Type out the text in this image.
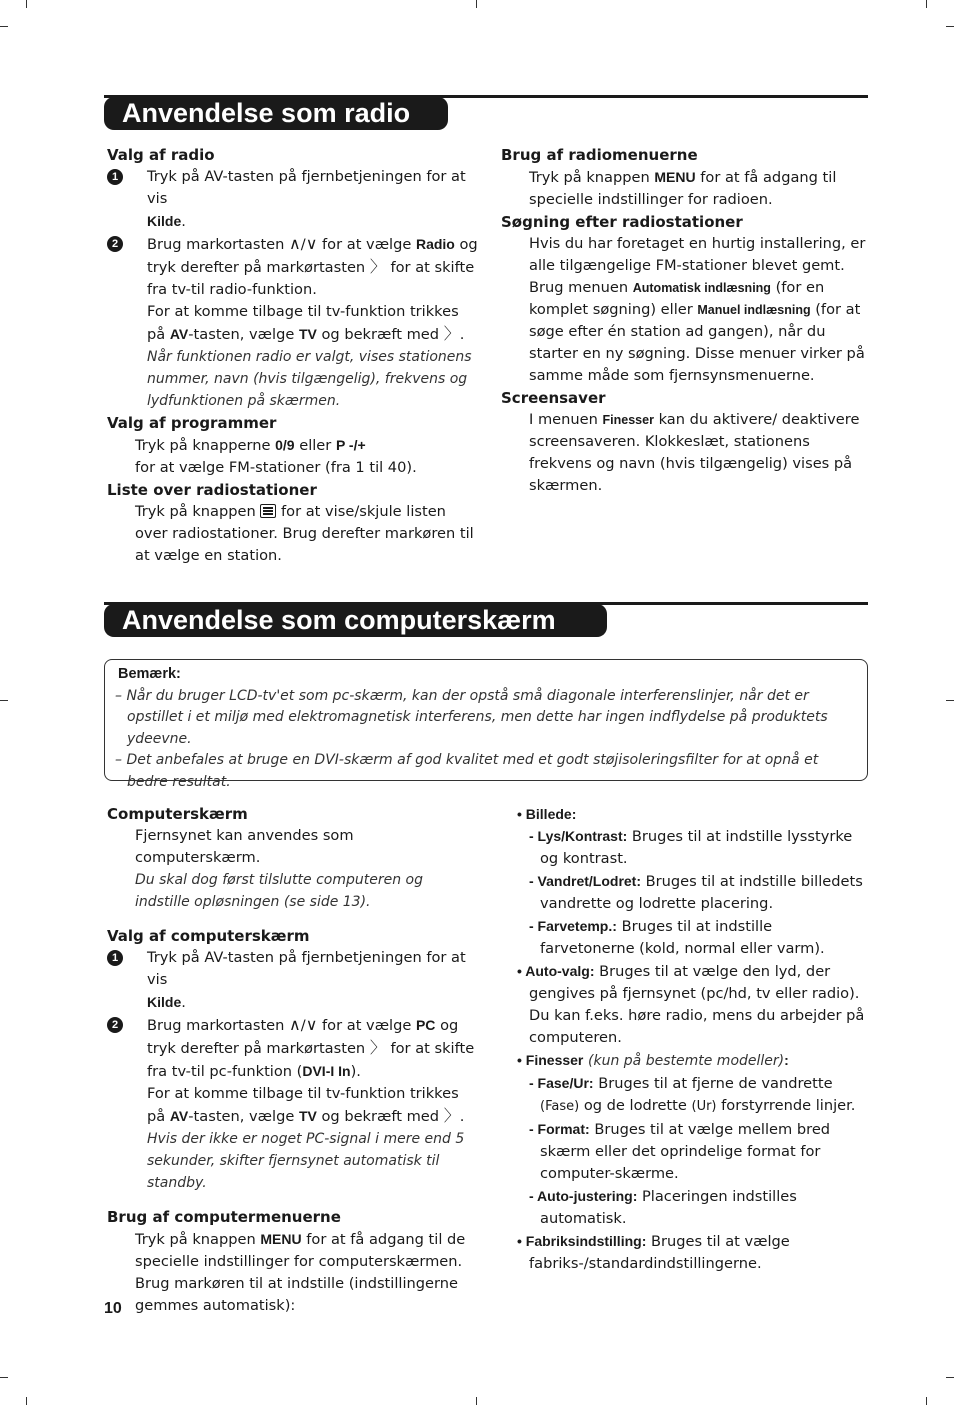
Anvendelse som radio
Valg af radio
1	Tryk på AV-tasten på fjernbetjeningen for at vis
Kilde.
2	Brug markortasten ∧/∨ for at vælge Radio og tryk derefter på markørtasten 〉 for at skifte fra tv-til radio-funktion.
For at komme tilbage til tv-funktion trikkes på AV-tasten, vælge TV og bekræft med 〉.
Når funktionen radio er valgt, vises stationens nummer, navn (hvis tilgængelig), frekvens og lydfunktionen på skærmen.
Valg af programmer
Tryk på knapperne 0/9 eller P -/+
for at vælge FM-stationer (fra 1 til 40).
Liste over radiostationer
Tryk på knappen for at vise/skjule listen over radiostationer. Brug derefter markøren til at vælge en station.
Brug af radiomenuerne
Tryk på knappen MENU for at få adgang til specielle indstillinger for radioen.
Søgning efter radiostationer
Hvis du har foretaget en hurtig installering, er alle tilgængelige FM-stationer blevet gemt. Brug menuen Automatisk indlæsning (for en komplet søgning) eller Manuel indlæsning (for at søge efter én station ad gangen), når du starter en ny søgning. Disse menuer virker på samme måde som fjernsynsmenuerne.
Screensaver
I menuen Finesser kan du aktivere/ deaktivere screensaveren. Klokkeslæt, stationens frekvens og navn (hvis tilgængelig) vises på skærmen.
Anvendelse som computerskærm
Bemærk:
– Når du bruger LCD-tv'et som pc-skærm, kan der opstå små diagonale interferenslinjer, når det er opstillet i et miljø med elektromagnetisk interferens, men dette har ingen indflydelse på produktets ydeevne.
– Det anbefales at bruge en DVI-skærm af god kvalitet med et godt støjisoleringsfilter for at opnå et bedre resultat.
Computerskærm
Fjernsynet kan anvendes som computerskærm.
Du skal dog først tilslutte computeren og indstille opløsningen (se side 13).
Valg af computerskærm
1	Tryk på AV-tasten på fjernbetjeningen for at vis
Kilde.
2	Brug markortasten ∧/∨ for at vælge PC og tryk derefter på markørtasten 〉 for at skifte fra tv-til pc-funktion (DVI-I In).
For at komme tilbage til tv-funktion trikkes på AV-tasten, vælge TV og bekræft med 〉.
Hvis der ikke er noget PC-signal i mere end 5 sekunder, skifter fjernsynet automatisk til standby.
Brug af computermenuerne
Tryk på knappen MENU for at få adgang til de specielle indstillinger for computerskærmen. Brug markøren til at indstille (indstillingerne gemmes automatisk):
• Billede:
- Lys/Kontrast: Bruges til at indstille lysstyrke og kontrast.
- Vandret/Lodret: Bruges til at indstille billedets vandrette og lodrette placering.
- Farvetemp.: Bruges til at indstille farvetonerne (kold, normal eller varm).
• Auto-valg: Bruges til at vælge den lyd, der gengives på fjernsynet (pc/hd, tv eller radio).
Du kan f.eks. høre radio, mens du arbejder på computeren.
• Finesser (kun på bestemte modeller):
- Fase/Ur: Bruges til at fjerne de vandrette (Fase) og de lodrette (Ur) forstyrrende linjer.
- Format: Bruges til at vælge mellem bred skærm eller det oprindelige format for computer-skærme.
- Auto-justering: Placeringen indstilles automatisk.
• Fabriksindstilling: Bruges til at vælge fabriks-/standardindstillingerne.
10
